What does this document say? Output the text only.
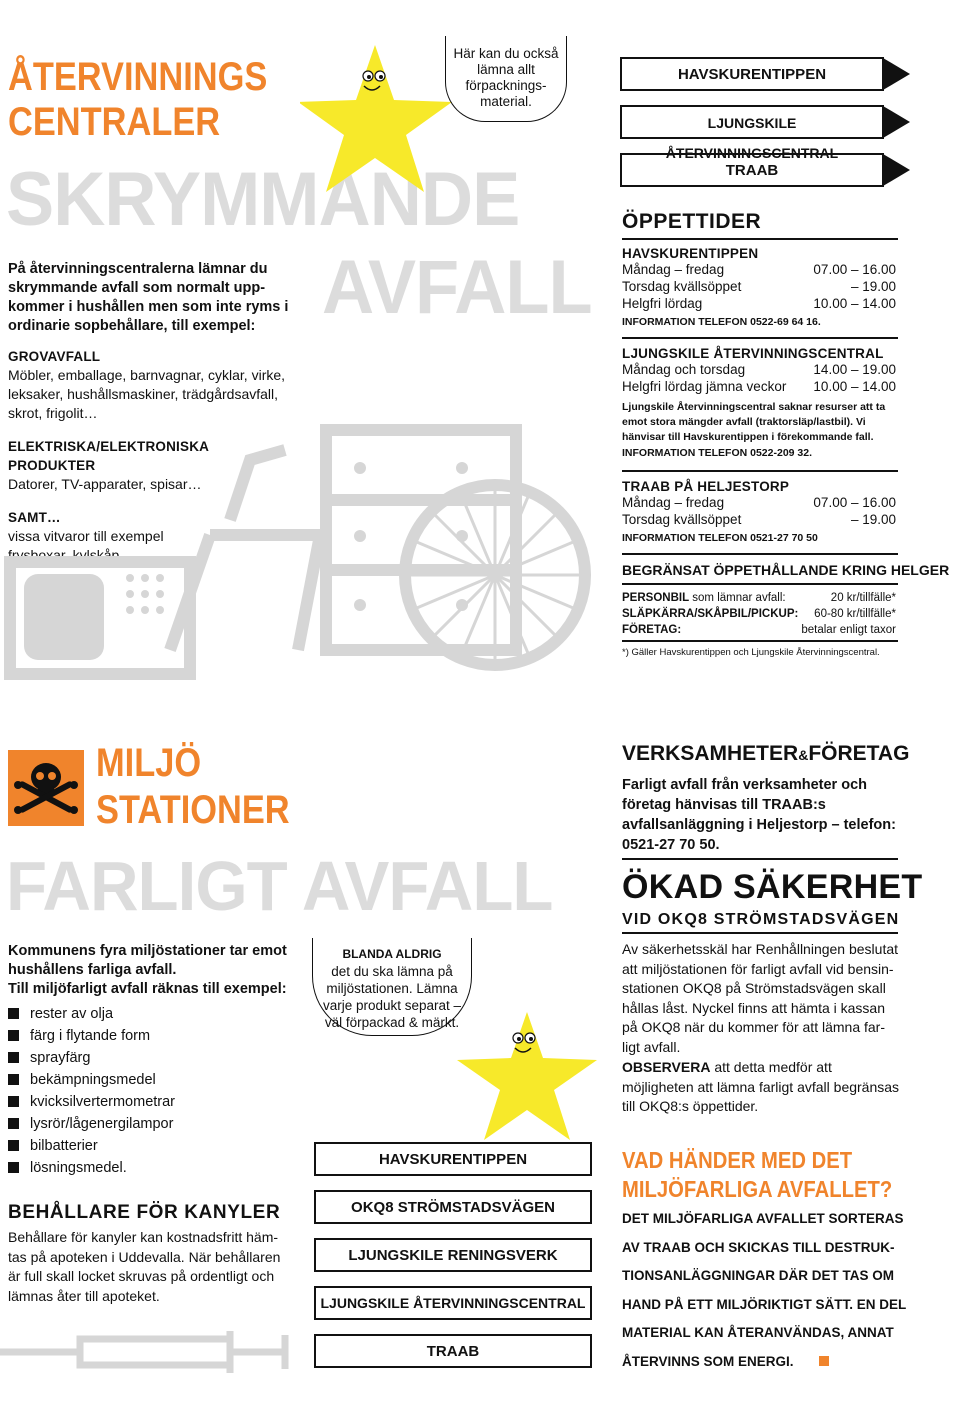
ÅTERVINNINGS
CENTRALER
SKRYMMANDE
AVFALL
Här kan du också lämna allt förpacknings-material.
På återvinningscentralerna lämnar du skrymmande avfall som normalt upp-kommer i hushållen men som inte ryms i ordinarie sopbehållare, till exempel:
GROVAVFALL
Möbler, emballage, barnvagnar, cyklar, virke, leksaker, hushållsmaskiner, trädgårdsavfall, skrot, frigolit…
ELEKTRISKA/ELEKTRONISKA PRODUKTER
Datorer, TV-apparater, spisar…
SAMT…
vissa vitvaror till exempel frysboxar, kylskåp…
HAVSKURENTIPPEN
LJUNGSKILE ÅTERVINNINGSCENTRAL
TRAAB
ÖPPETTIDER
HAVSKURENTIPPEN
Måndag – fredag	07.00 – 16.00
Torsdag kvällsöppet	– 19.00
Helgfri lördag	10.00 – 14.00
INFORMATION TELEFON 0522-69 64 16.
LJUNGSKILE ÅTERVINNINGSCENTRAL
Måndag och torsdag	14.00 – 19.00
Helgfri lördag jämna veckor 10.00 – 14.00
Ljungskile Återvinningscentral saknar resurser att ta emot stora mängder avfall (traktorsläp/lastbil). Vi hänvisar till Havskurentippen i förekommande fall.
INFORMATION TELEFON 0522-209 32.
TRAAB PÅ HELJESTORP
Måndag – fredag	07.00 – 16.00
Torsdag kvällsöppet	– 19.00
INFORMATION TELEFON 0521-27 70 50
BEGRÄNSAT ÖPPETHÅLLANDE KRING HELGER
PERSONBIL som lämnar avfall:	20 kr/tillfälle*
SLÄPKÄRRA/SKÅPBIL/PICKUP: 60-80 kr/tillfälle*
FÖRETAG:	betalar enligt taxor
*) Gäller Havskurentippen och Ljungskile Återvinningscentral.
MILJÖ
STATIONER
FARLIGT AVFALL
Kommunens fyra miljöstationer tar emot hushållens farliga avfall.
Till miljöfarligt avfall räknas till exempel:
rester av olja
färg i flytande form
sprayfärg
bekämpningsmedel
kvicksilvertermometrar
lysrör/lågenergilampor
bilbatterier
lösningsmedel.
BEHÅLLARE FÖR KANYLER
Behållare för kanyler kan kostnadsfritt häm-tas på apoteken i Uddevalla. När behållaren är full skall locket skruvas på ordentligt och lämnas åter till apoteket.
BLANDA ALDRIG
det du ska lämna på miljöstationen. Lämna varje produkt separat – väl förpackad & märkt.
HAVSKURENTIPPEN
OKQ8 STRÖMSTADSVÄGEN
LJUNGSKILE RENINGSVERK
LJUNGSKILE ÅTERVINNINGSCENTRAL
TRAAB
VERKSAMHETER&FÖRETAG
Farligt avfall från verksamheter och företag hänvisas till TRAAB:s avfallsanläggning i Heljestorp – telefon: 0521-27 70 50.
ÖKAD SÄKERHET
VID OKQ8 STRÖMSTADSVÄGEN
Av säkerhetsskäl har Renhållningen beslutat att miljöstationen för farligt avfall vid bensin-stationen OKQ8 på Strömstadsvägen skall hållas låst. Nyckel finns att hämta i kassan på OKQ8 när du kommer för att lämna far-ligt avfall.
OBSERVERA att detta medför att möjligheten att lämna farligt avfall begränsas till OKQ8:s öppettider.
VAD HÄNDER MED DET
MILJÖFARLIGA AVFALLET?
DET MILJÖFARLIGA AVFALLET SORTERAS AV TRAAB OCH SKICKAS TILL DESTRUK-TIONSANLÄGGNINGAR DÄR DET TAS OM HAND PÅ ETT MILJÖRIKTIGT SÄTT. EN DEL MATERIAL KAN ÅTERANVÄNDAS, ANNAT ÅTERVINNS SOM ENERGI.
